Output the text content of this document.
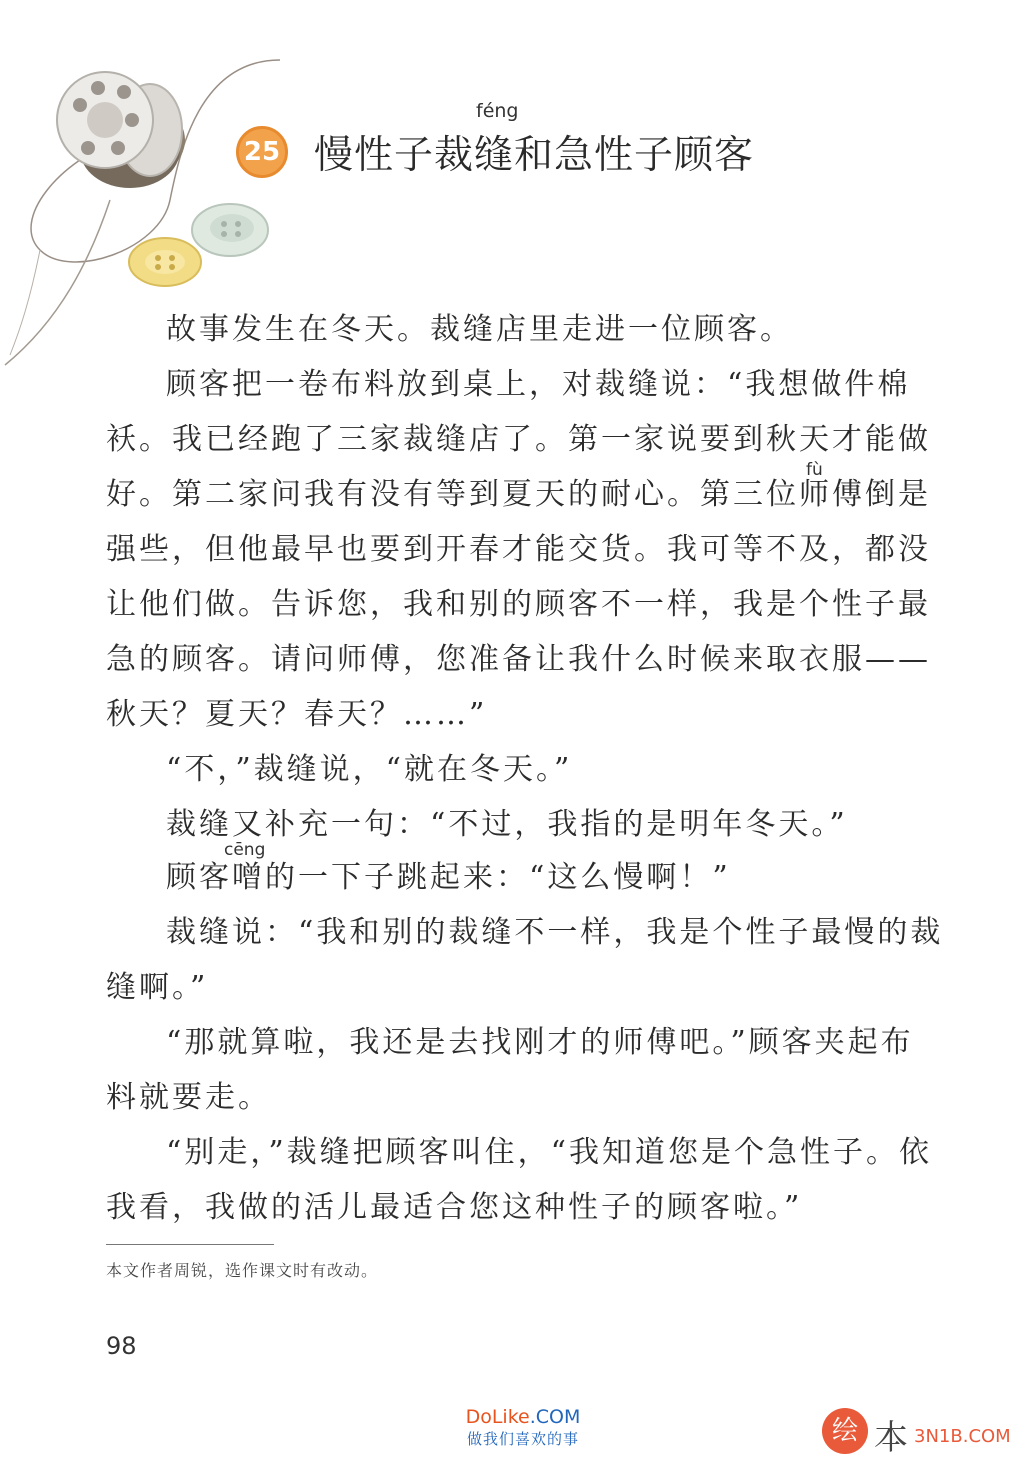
25
féng
慢性子裁缝和急性子顾客
故事发生在冬天。裁缝店里走进一位顾客。
顾客把一卷布料放到桌上，对裁缝说：“我想做件棉
袄。我已经跑了三家裁缝店了。第一家说要到秋天才能做
fù
好。第二家问我有没有等到夏天的耐心。第三位师傅倒是
强些，但他最早也要到开春才能交货。我可等不及，都没
让他们做。告诉您，我和别的顾客不一样，我是个性子最
急的顾客。请问师傅，您准备让我什么时候来取衣服——
秋天？夏天？春天？……”
“不，”裁缝说，“就在冬天。”
裁缝又补充一句：“不过，我指的是明年冬天。”
cēng
顾客噌的一下子跳起来：“这么慢啊！”
裁缝说：“我和别的裁缝不一样，我是个性子最慢的裁
缝啊。”
“那就算啦，我还是去找刚才的师傅吧。”顾客夹起布
料就要走。
“别走，”裁缝把顾客叫住，“我知道您是个急性子。依
我看，我做的活儿最适合您这种性子的顾客啦。”
本文作者周锐，选作课文时有改动。
98
DoLike.COM
做我们喜欢的事	绘 本 3N1B.COM
